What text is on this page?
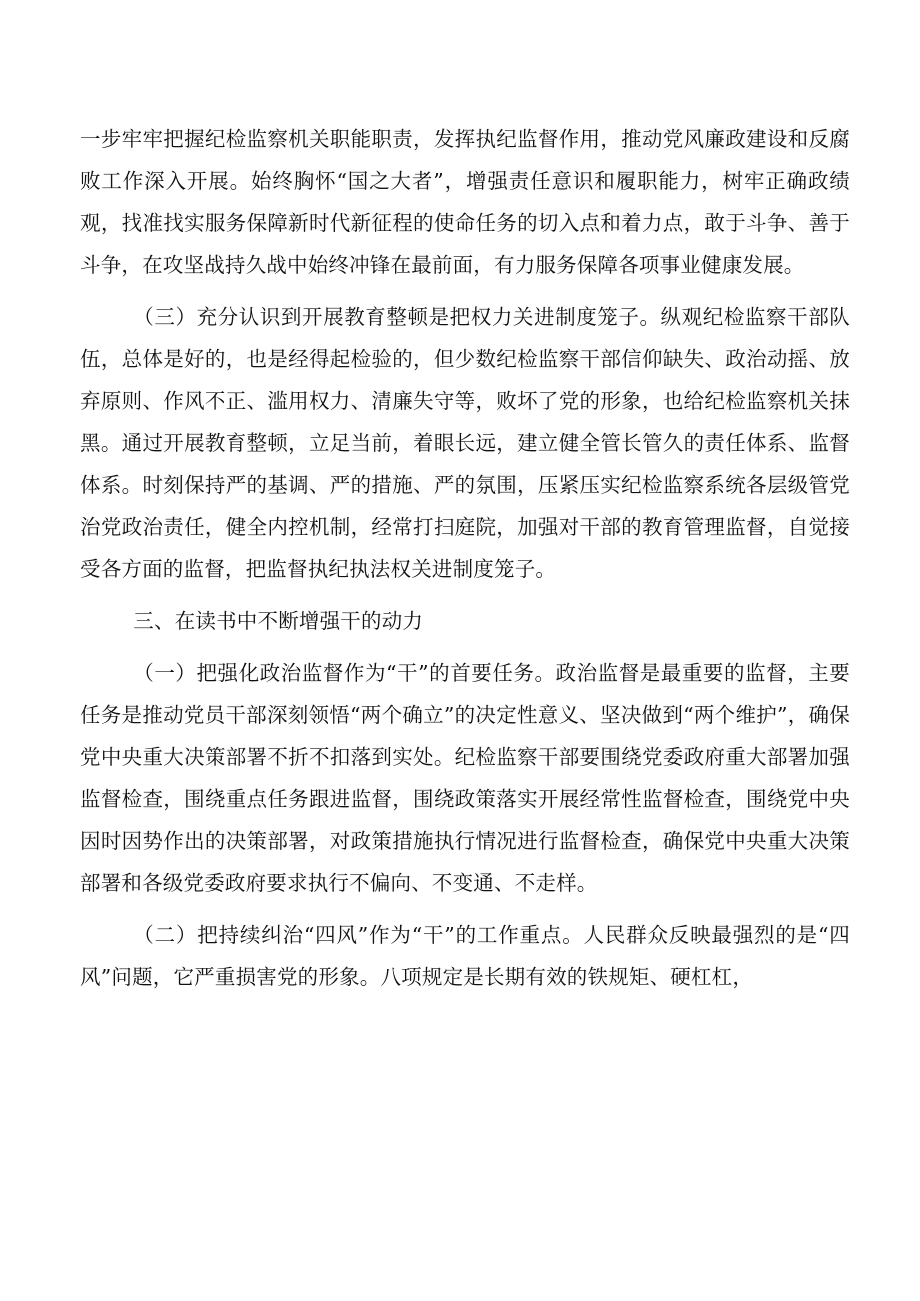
一步牢牢把握纪检监察机关职能职责，发挥执纪监督作用，推动党风廉政建设和反腐败工作深入开展。始终胸怀“国之大者”，增强责任意识和履职能力，树牢正确政绩观，找准找实服务保障新时代新征程的使命任务的切入点和着力点，敢于斗争、善于斗争，在攻坚战持久战中始终冲锋在最前面，有力服务保障各项事业健康发展。

（三）充分认识到开展教育整顿是把权力关进制度笼子。纵观纪检监察干部队伍，总体是好的，也是经得起检验的，但少数纪检监察干部信仰缺失、政治动摇、放弃原则、作风不正、滥用权力、清廉失守等，败坏了党的形象，也给纪检监察机关抹黑。通过开展教育整顿，立足当前，着眼长远，建立健全管长管久的责任体系、监督体系。时刻保持严的基调、严的措施、严的氛围，压紧压实纪检监察系统各层级管党治党政治责任，健全内控机制，经常打扫庭院，加强对干部的教育管理监督，自觉接受各方面的监督，把监督执纪执法权关进制度笼子。

三、在读书中不断增强干的动力

（一）把强化政治监督作为“干”的首要任务。政治监督是最重要的监督，主要任务是推动党员干部深刻领悟“两个确立”的决定性意义、坚决做到“两个维护”，确保党中央重大决策部署不折不扣落到实处。纪检监察干部要围绕党委政府重大部署加强监督检查，围绕重点任务跟进监督，围绕政策落实开展经常性监督检查，围绕党中央因时因势作出的决策部署，对政策措施执行情况进行监督检查，确保党中央重大决策部署和各级党委政府要求执行不偏向、不变通、不走样。

（二）把持续纠治“四风”作为“干”的工作重点。人民群众反映最强烈的是“四风”问题，它严重损害党的形象。八项规定是长期有效的铁规矩、硬杠杠，
